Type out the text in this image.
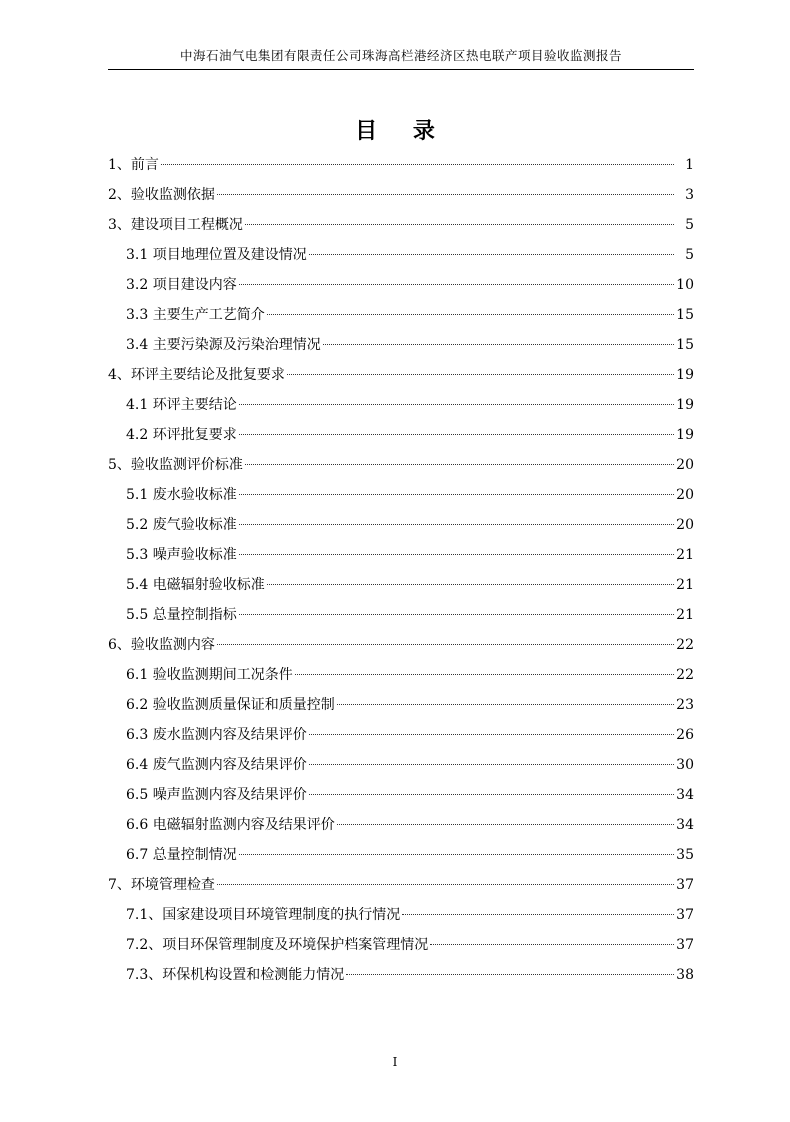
中海石油气电集团有限责任公司珠海高栏港经济区热电联产项目验收监测报告
目 录
1、前言	1
2、验收监测依据	3
3、建设项目工程概况	5
3.1 项目地理位置及建设情况	5
3.2 项目建设内容	10
3.3 主要生产工艺简介	15
3.4 主要污染源及污染治理情况	15
4、环评主要结论及批复要求	19
4.1 环评主要结论	19
4.2 环评批复要求	19
5、验收监测评价标准	20
5.1 废水验收标准	20
5.2 废气验收标准	20
5.3 噪声验收标准	21
5.4 电磁辐射验收标准	21
5.5 总量控制指标	21
6、验收监测内容	22
6.1 验收监测期间工况条件	22
6.2 验收监测质量保证和质量控制	23
6.3 废水监测内容及结果评价	26
6.4 废气监测内容及结果评价	30
6.5 噪声监测内容及结果评价	34
6.6 电磁辐射监测内容及结果评价	34
6.7 总量控制情况	35
7、环境管理检查	37
7.1、国家建设项目环境管理制度的执行情况	37
7.2、项目环保管理制度及环境保护档案管理情况	37
7.3、环保机构设置和检测能力情况	38
I
